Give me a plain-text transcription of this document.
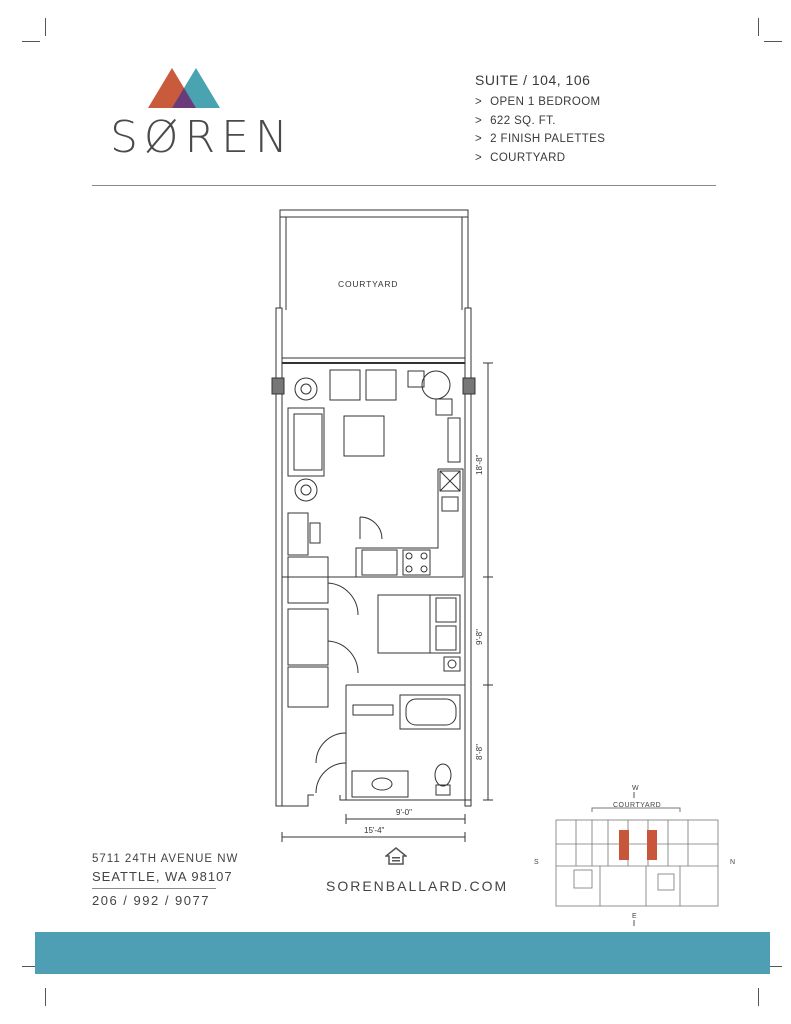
SØREN
SUITE / 104, 106
> OPEN 1 BEDROOM
> 622 SQ. FT.
> 2 FINISH PALETTES
> COURTYARD
COURTYARD
18'-8"
9'-8"
8'-8"
9'-0"
15'-4"
5711 24TH AVENUE NW
SEATTLE, WA 98107
206 / 992 / 9077
SORENBALLARD.COM
W
COURTYARD
S	N
E
